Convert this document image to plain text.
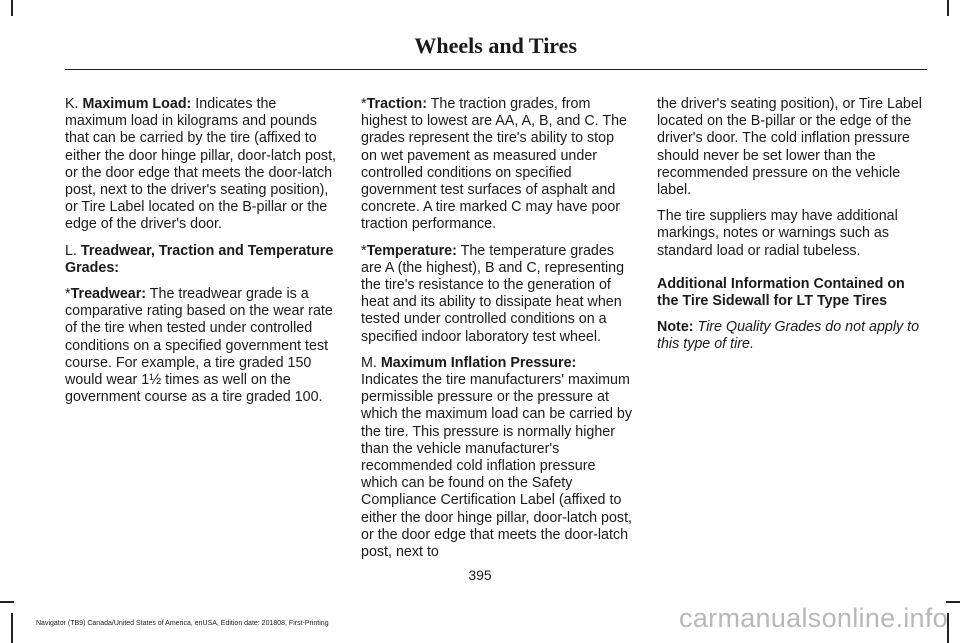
Wheels and Tires

K. Maximum Load: Indicates the maximum load in kilograms and pounds that can be carried by the tire (affixed to either the door hinge pillar, door-latch post, or the door edge that meets the door-latch post, next to the driver's seating position), or Tire Label located on the B-pillar or the edge of the driver's door.

L. Treadwear, Traction and Temperature Grades:

*Treadwear: The treadwear grade is a comparative rating based on the wear rate of the tire when tested under controlled conditions on a specified government test course. For example, a tire graded 150 would wear 1½ times as well on the government course as a tire graded 100.

*Traction: The traction grades, from highest to lowest are AA, A, B, and C. The grades represent the tire's ability to stop on wet pavement as measured under controlled conditions on specified government test surfaces of asphalt and concrete. A tire marked C may have poor traction performance.

*Temperature: The temperature grades are A (the highest), B and C, representing the tire's resistance to the generation of heat and its ability to dissipate heat when tested under controlled conditions on a specified indoor laboratory test wheel.

M. Maximum Inflation Pressure: Indicates the tire manufacturers' maximum permissible pressure or the pressure at which the maximum load can be carried by the tire. This pressure is normally higher than the vehicle manufacturer's recommended cold inflation pressure which can be found on the Safety Compliance Certification Label (affixed to either the door hinge pillar, door-latch post, or the door edge that meets the door-latch post, next to

the driver's seating position), or Tire Label located on the B-pillar or the edge of the driver's door. The cold inflation pressure should never be set lower than the recommended pressure on the vehicle label.

The tire suppliers may have additional markings, notes or warnings such as standard load or radial tubeless.

Additional Information Contained on the Tire Sidewall for LT Type Tires

Note: Tire Quality Grades do not apply to this type of tire.

395
Navigator (TB9) Canada/United States of America, enUSA, Edition date: 201808, First-Printing	carmanualsonline.info
